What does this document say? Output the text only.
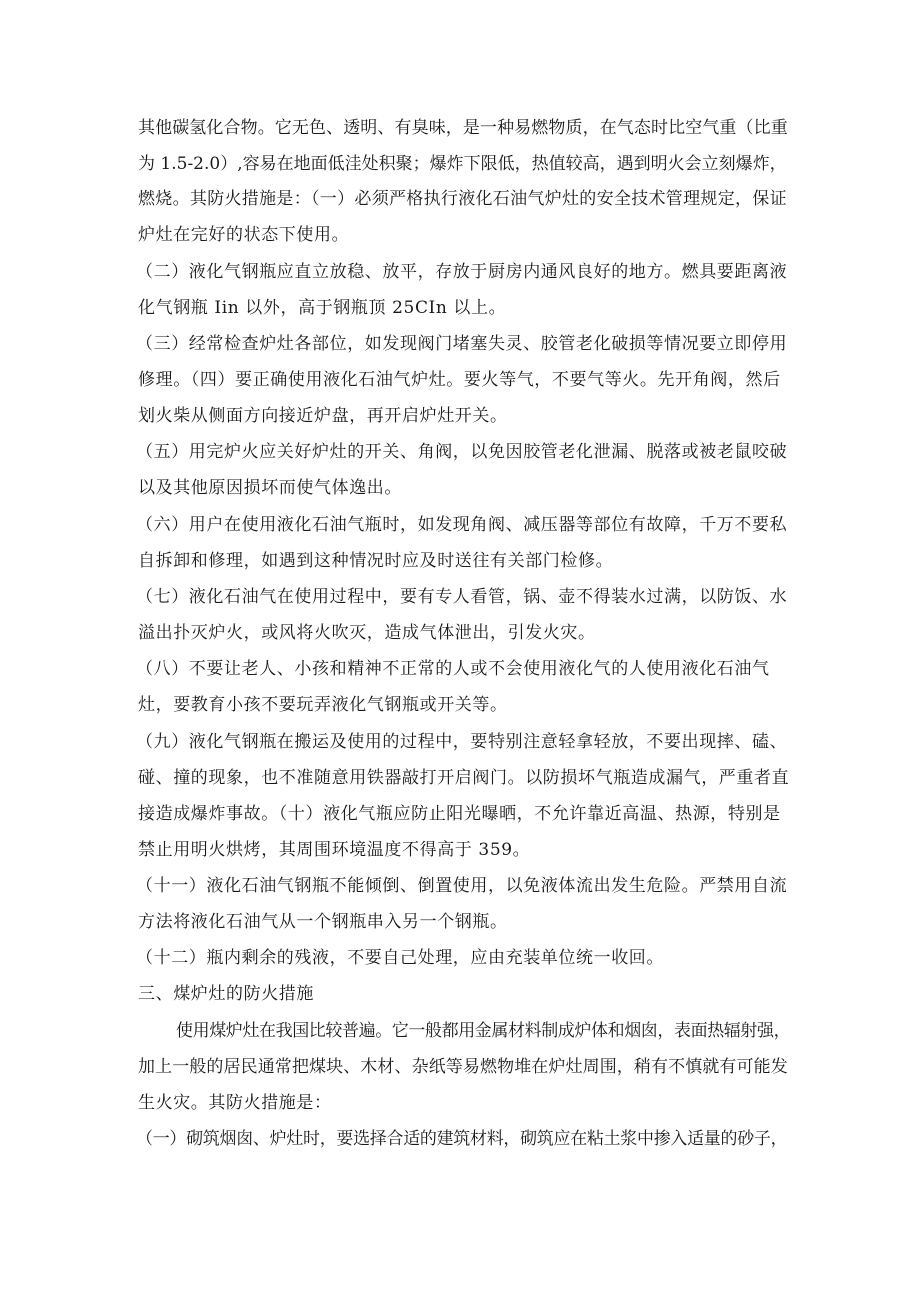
其他碳氢化合物。它无色、透明、有臭味，是一种易燃物质，在气态时比空气重（比重
为 1.5-2.0）,容易在地面低洼处积聚；爆炸下限低，热值较高，遇到明火会立刻爆炸，
燃烧。其防火措施是：（一）必须严格执行液化石油气炉灶的安全技术管理规定，保证
炉灶在完好的状态下使用。
（二）液化气钢瓶应直立放稳、放平，存放于厨房内通风良好的地方。燃具要距离液
化气钢瓶 Iin 以外，高于钢瓶顶 25CIn 以上。
（三）经常检查炉灶各部位，如发现阀门堵塞失灵、胶管老化破损等情况要立即停用
修理。（四）要正确使用液化石油气炉灶。要火等气，不要气等火。先开角阀，然后
划火柴从侧面方向接近炉盘，再开启炉灶开关。
（五）用完炉火应关好炉灶的开关、角阀，以免因胶管老化泄漏、脱落或被老鼠咬破
以及其他原因损坏而使气体逸出。
（六）用户在使用液化石油气瓶时，如发现角阀、减压器等部位有故障，千万不要私
自拆卸和修理，如遇到这种情况时应及时送往有关部门检修。
（七）液化石油气在使用过程中，要有专人看管，锅、壶不得装水过满，以防饭、水
溢出扑灭炉火，或风将火吹灭，造成气体泄出，引发火灾。
（八）不要让老人、小孩和精神不正常的人或不会使用液化气的人使用液化石油气
灶，要教育小孩不要玩弄液化气钢瓶或开关等。
（九）液化气钢瓶在搬运及使用的过程中，要特别注意轻拿轻放，不要出现摔、磕、
碰、撞的现象，也不准随意用铁器敲打开启阀门。以防损坏气瓶造成漏气，严重者直
接造成爆炸事故。（十）液化气瓶应防止阳光曝晒，不允许靠近高温、热源，特别是
禁止用明火烘烤，其周围环境温度不得高于 359。
（十一）液化石油气钢瓶不能倾倒、倒置使用，以免液体流出发生危险。严禁用自流
方法将液化石油气从一个钢瓶串入另一个钢瓶。
（十二）瓶内剩余的残液，不要自己处理，应由充装单位统一收回。
三、煤炉灶的防火措施
使用煤炉灶在我国比较普遍。它一般都用金属材料制成炉体和烟囱，表面热辐射强，
加上一般的居民通常把煤块、木材、杂纸等易燃物堆在炉灶周围，稍有不慎就有可能发
生火灾。其防火措施是：
（一）砌筑烟囱、炉灶时，要选择合适的建筑材料，砌筑应在粘土浆中掺入适量的砂子，
